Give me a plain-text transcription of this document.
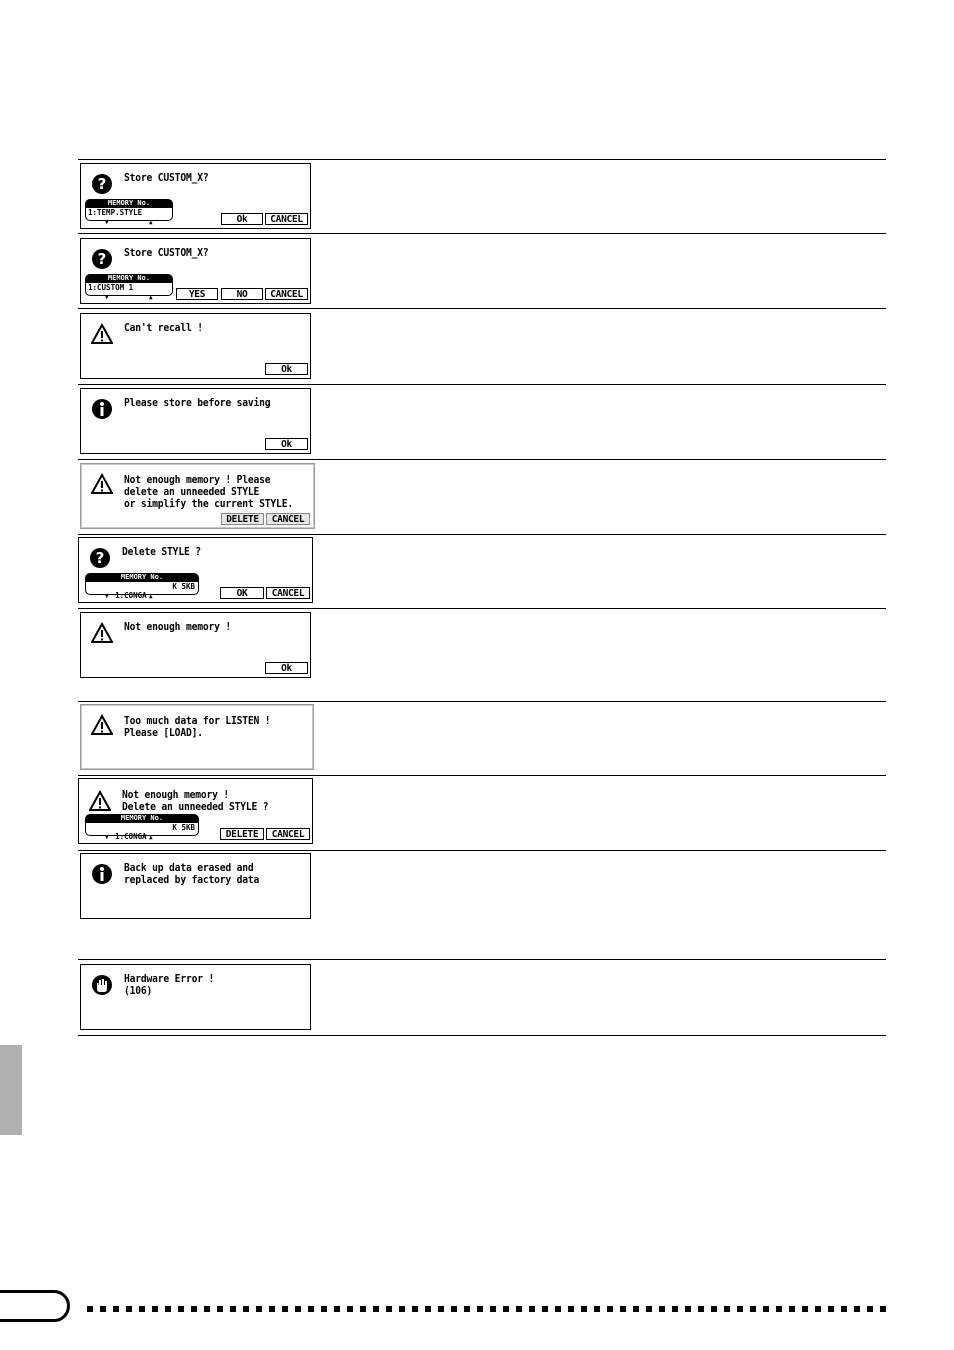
? Store CUSTOM_X?
MEMORY No.
1:TEMP.STYLE
▼	▲	Ok	CANCEL
? Store CUSTOM_X?
MEMORY No.
1:CUSTOM 1
▼	▲	YES	NO	CANCEL
Can't recall !
Ok
Please store before saving
Ok
Not enough memory ! Please
delete an unneeded STYLE
or simplify the current STYLE.
DELETE	CANCEL
? Delete STYLE ?
MEMORY No.

1:CONGA

K 5KB

▼	▲	OK	CANCEL
Not enough memory !
Ok
Too much data for LISTEN !
Please [LOAD].
Not enough memory !
Delete an unneeded STYLE ?
MEMORY No.

1:CONGA

K 5KB

▼	▲	DELETE	CANCEL
Back up data erased and
replaced by factory data
Hardware Error !
(106)
